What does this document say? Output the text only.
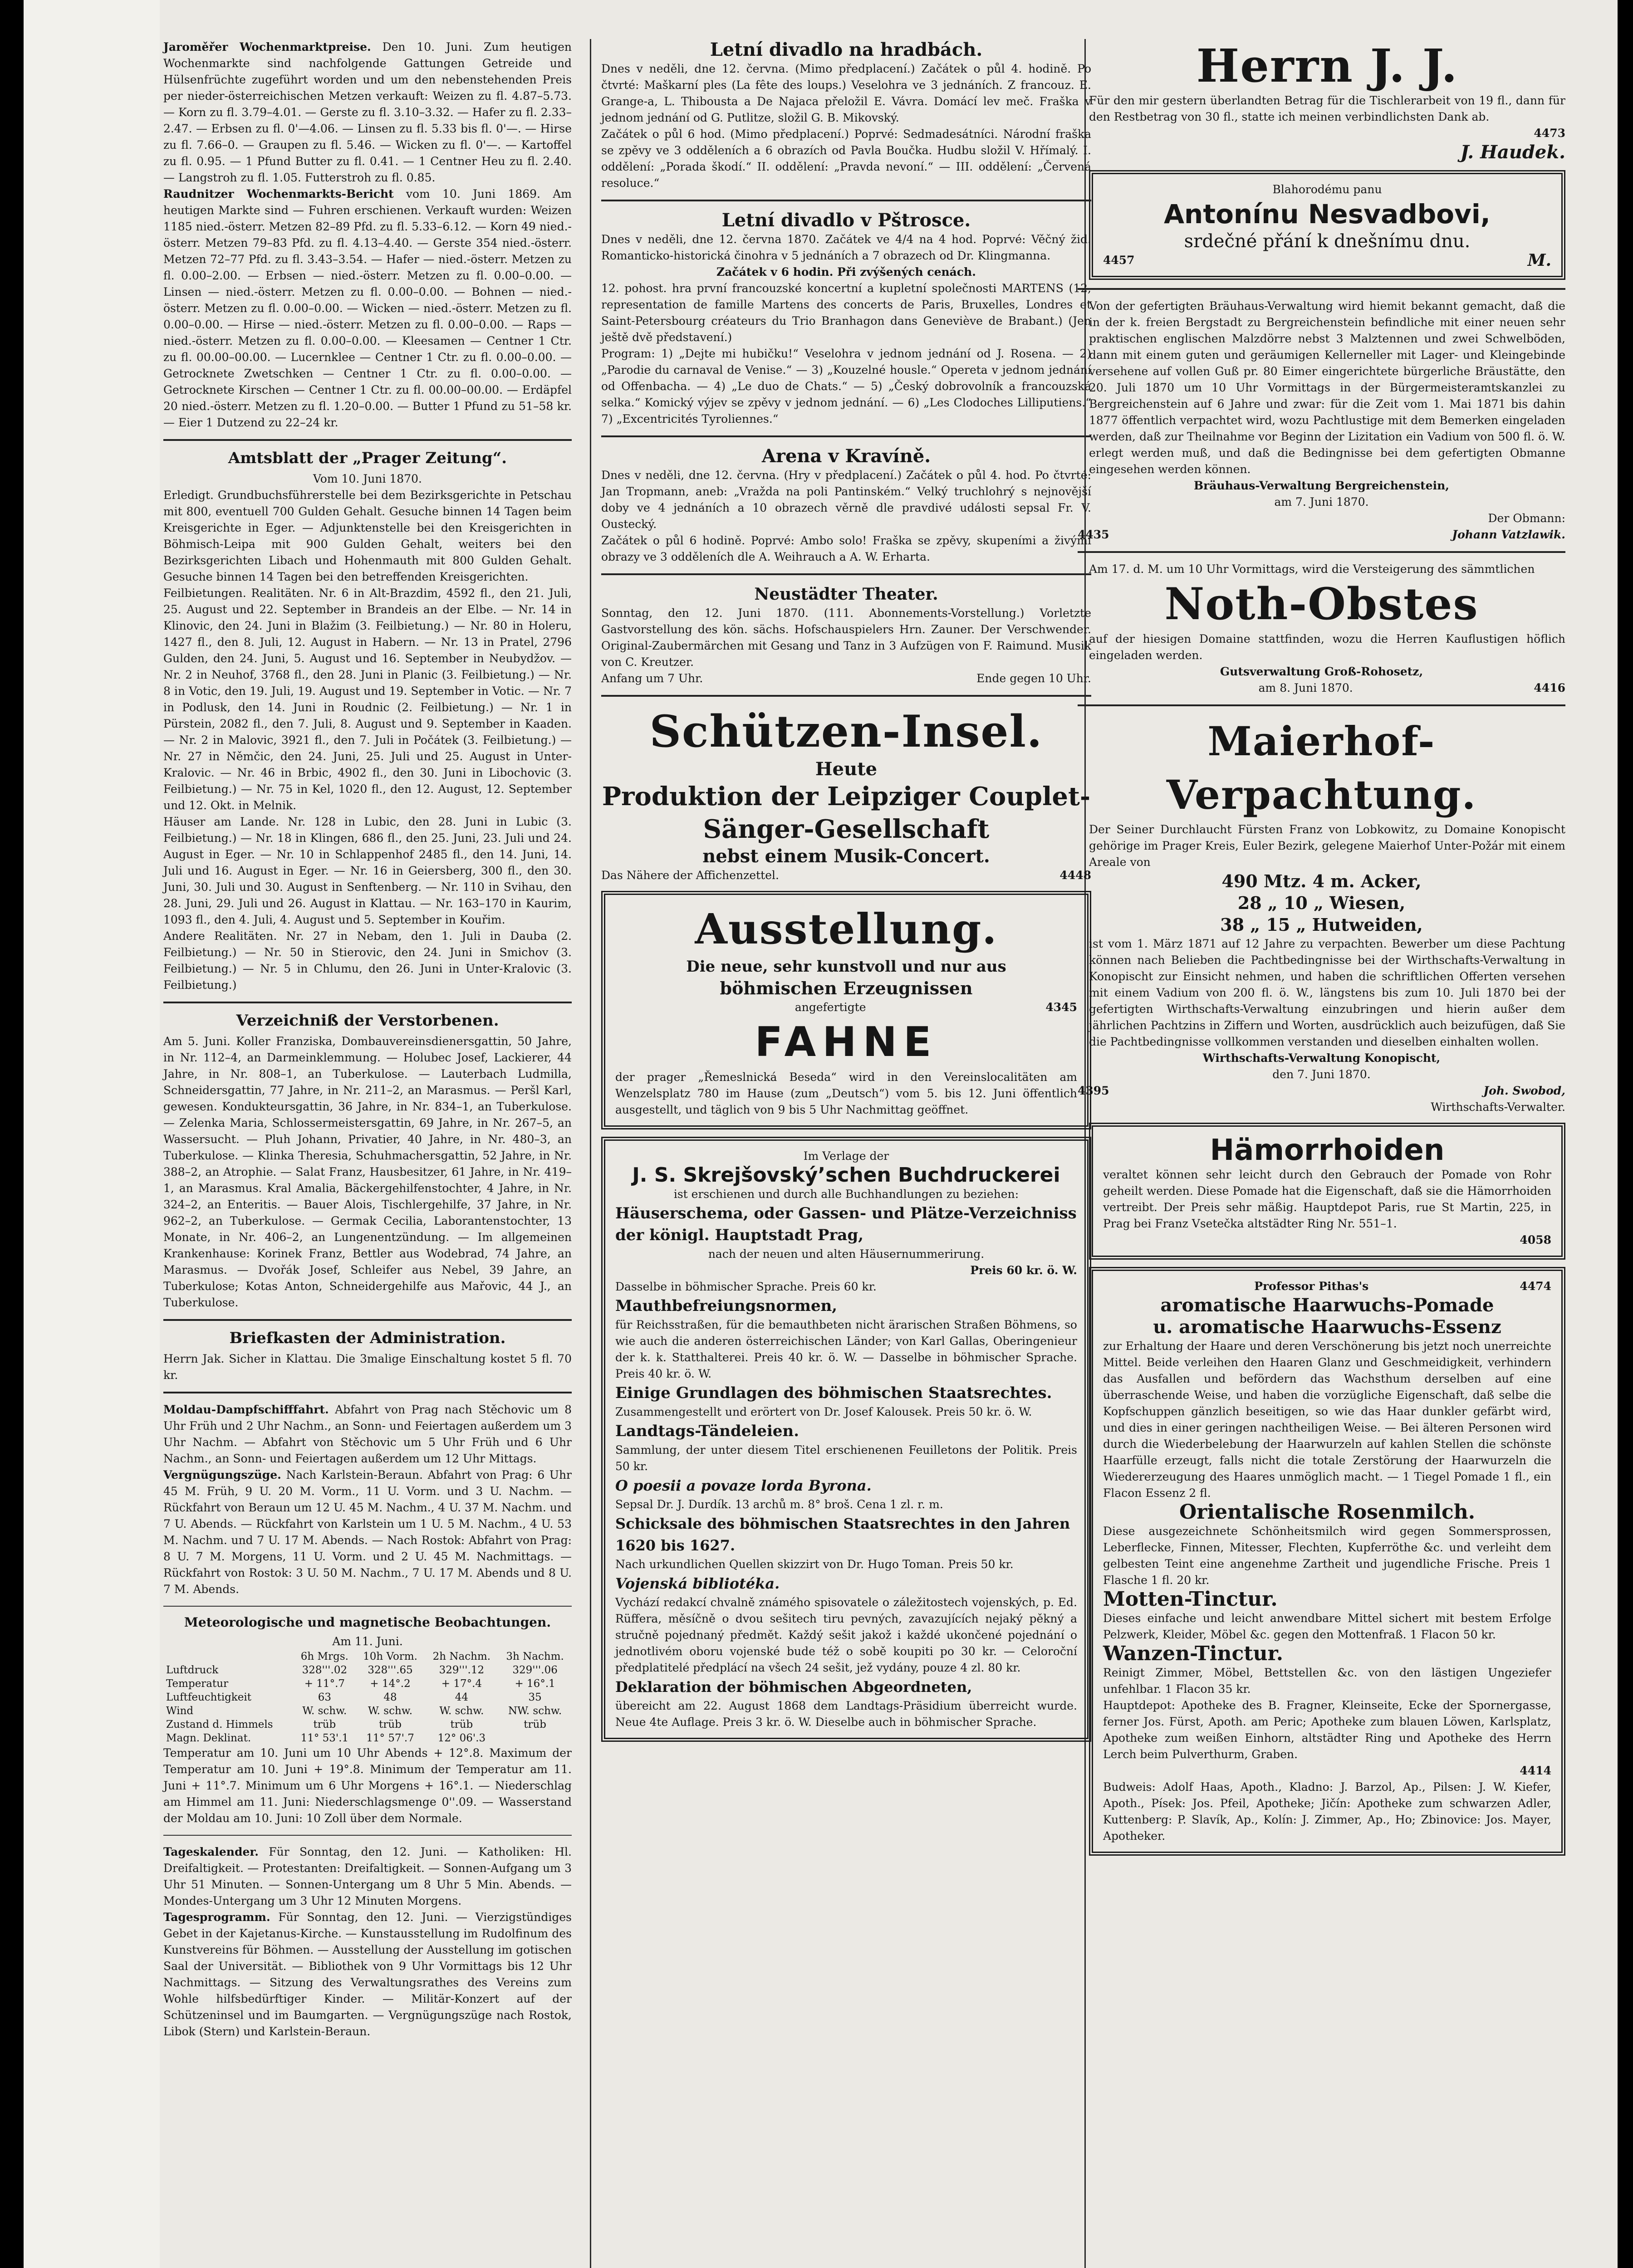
Jaroměřer Wochenmarktpreise. Den 10. Juni. Zum heutigen Wochenmarkte sind nachfolgende Gattungen Getreide und Hülsenfrüchte zugeführt worden und um den nebenstehenden Preis per nieder-österreichischen Metzen verkauft: Weizen zu fl. 4.87–5.73. — Korn zu fl. 3.79–4.01. — Gerste zu fl. 3.10–3.32. — Hafer zu fl. 2.33–2.47. — Erbsen zu fl. 0'—4.06. — Linsen zu fl. 5.33 bis fl. 0'—. — Hirse zu fl. 7.66–0. — Graupen zu fl. 5.46. — Wicken zu fl. 0'—. — Kartoffel zu fl. 0.95. — 1 Pfund Butter zu fl. 0.41. — 1 Centner Heu zu fl. 2.40. — Langstroh zu fl. 1.05. Futterstroh zu fl. 0.85.
Raudnitzer Wochenmarkts-Bericht vom 10. Juni 1869. Am heutigen Markte sind — Fuhren erschienen. Verkauft wurden: Weizen 1185 nied.-österr. Metzen 82–89 Pfd. zu fl. 5.33–6.12. — Korn 49 nied.-österr. Metzen 79–83 Pfd. zu fl. 4.13–4.40. — Gerste 354 nied.-österr. Metzen 72–77 Pfd. zu fl. 3.43–3.54. — Hafer — nied.-österr. Metzen zu fl. 0.00–2.00. — Erbsen — nied.-österr. Metzen zu fl. 0.00–0.00. — Linsen — nied.-österr. Metzen zu fl. 0.00–0.00. — Bohnen — nied.-österr. Metzen zu fl. 0.00–0.00. — Wicken — nied.-österr. Metzen zu fl. 0.00–0.00. — Hirse — nied.-österr. Metzen zu fl. 0.00–0.00. — Raps — nied.-österr. Metzen zu fl. 0.00–0.00. — Kleesamen — Centner 1 Ctr. zu fl. 00.00–00.00. — Lucernklee — Centner 1 Ctr. zu fl. 0.00–0.00. — Getrocknete Zwetschken — Centner 1 Ctr. zu fl. 0.00–0.00. — Getrocknete Kirschen — Centner 1 Ctr. zu fl. 00.00–00.00. — Erdäpfel 20 nied.-österr. Metzen zu fl. 1.20–0.00. — Butter 1 Pfund zu 51–58 kr. — Eier 1 Dutzend zu 22–24 kr.
Amtsblatt der „Prager Zeitung“.
Vom 10. Juni 1870.
Erledigt. Grundbuchsführerstelle bei dem Bezirksgerichte in Petschau mit 800, eventuell 700 Gulden Gehalt. Gesuche binnen 14 Tagen beim Kreisgerichte in Eger. — Adjunktenstelle bei den Kreisgerichten in Böhmisch-Leipa mit 900 Gulden Gehalt, weiters bei den Bezirksgerichten Libach und Hohenmauth mit 800 Gulden Gehalt. Gesuche binnen 14 Tagen bei den betreffenden Kreisgerichten.
Feilbietungen. Realitäten. Nr. 6 in Alt-Brazdim, 4592 fl., den 21. Juli, 25. August und 22. September in Brandeis an der Elbe. — Nr. 14 in Klinovic, den 24. Juni in Blažim (3. Feilbietung.) — Nr. 80 in Holeru, 1427 fl., den 8. Juli, 12. August in Habern. — Nr. 13 in Pratel, 2796 Gulden, den 24. Juni, 5. August und 16. September in Neubydžov. — Nr. 2 in Neuhof, 3768 fl., den 28. Juni in Planic (3. Feilbietung.) — Nr. 8 in Votic, den 19. Juli, 19. August und 19. September in Votic. — Nr. 7 in Podlusk, den 14. Juni in Roudnic (2. Feilbietung.) — Nr. 1 in Pürstein, 2082 fl., den 7. Juli, 8. August und 9. September in Kaaden. — Nr. 2 in Malovic, 3921 fl., den 7. Juli in Počátek (3. Feilbietung.) — Nr. 27 in Němčic, den 24. Juni, 25. Juli und 25. August in Unter-Kralovic. — Nr. 46 in Brbic, 4902 fl., den 30. Juni in Libochovic (3. Feilbietung.) — Nr. 75 in Kel, 1020 fl., den 12. August, 12. September und 12. Okt. in Melnik.
Häuser am Lande. Nr. 128 in Lubic, den 28. Juni in Lubic (3. Feilbietung.) — Nr. 18 in Klingen, 686 fl., den 25. Juni, 23. Juli und 24. August in Eger. — Nr. 10 in Schlappenhof 2485 fl., den 14. Juni, 14. Juli und 16. August in Eger. — Nr. 16 in Geiersberg, 300 fl., den 30. Juni, 30. Juli und 30. August in Senftenberg. — Nr. 110 in Svihau, den 28. Juni, 29. Juli und 26. August in Klattau. — Nr. 163–170 in Kaurim, 1093 fl., den 4. Juli, 4. August und 5. September in Kouřim.
Andere Realitäten. Nr. 27 in Nebam, den 1. Juli in Dauba (2. Feilbietung.) — Nr. 50 in Stierovic, den 24. Juni in Smichov (3. Feilbietung.) — Nr. 5 in Chlumu, den 26. Juni in Unter-Kralovic (3. Feilbietung.)
Verzeichniß der Verstorbenen.
Am 5. Juni. Koller Franziska, Dombauvereinsdienersgattin, 50 Jahre, in Nr. 112–4, an Darmeinklemmung. — Holubec Josef, Lackierer, 44 Jahre, in Nr. 808–1, an Tuberkulose. — Lauterbach Ludmilla, Schneidersgattin, 77 Jahre, in Nr. 211–2, an Marasmus. — Peršl Karl, gewesen. Kondukteursgattin, 36 Jahre, in Nr. 834–1, an Tuberkulose. — Zelenka Maria, Schlossermeistersgattin, 69 Jahre, in Nr. 267–5, an Wassersucht. — Pluh Johann, Privatier, 40 Jahre, in Nr. 480–3, an Tuberkulose. — Klinka Theresia, Schuhmachersgattin, 52 Jahre, in Nr. 388–2, an Atrophie. — Salat Franz, Hausbesitzer, 61 Jahre, in Nr. 419–1, an Marasmus. Kral Amalia, Bäckergehilfenstochter, 4 Jahre, in Nr. 324–2, an Enteritis. — Bauer Alois, Tischlergehilfe, 37 Jahre, in Nr. 962–2, an Tuberkulose. — Germak Cecilia, Laborantenstochter, 13 Monate, in Nr. 406–2, an Lungenentzündung. — Im allgemeinen Krankenhause: Korinek Franz, Bettler aus Wodebrad, 74 Jahre, an Marasmus. — Dvořák Josef, Schleifer aus Nebel, 39 Jahre, an Tuberkulose; Kotas Anton, Schneidergehilfe aus Mařovic, 44 J., an Tuberkulose.
Briefkasten der Administration.
Herrn Jak. Sicher in Klattau. Die 3malige Einschaltung kostet 5 fl. 70 kr.
Moldau-Dampfschifffahrt. Abfahrt von Prag nach Stěchovic um 8 Uhr Früh und 2 Uhr Nachm., an Sonn- und Feiertagen außerdem um 3 Uhr Nachm. — Abfahrt von Stěchovic um 5 Uhr Früh und 6 Uhr Nachm., an Sonn- und Feiertagen außerdem um 12 Uhr Mittags.
Vergnügungszüge. Nach Karlstein-Beraun. Abfahrt von Prag: 6 Uhr 45 M. Früh, 9 U. 20 M. Vorm., 11 U. Vorm. und 3 U. Nachm. — Rückfahrt von Beraun um 12 U. 45 M. Nachm., 4 U. 37 M. Nachm. und 7 U. Abends. — Rückfahrt von Karlstein um 1 U. 5 M. Nachm., 4 U. 53 M. Nachm. und 7 U. 17 M. Abends. — Nach Rostok: Abfahrt von Prag: 8 U. 7 M. Morgens, 11 U. Vorm. und 2 U. 45 M. Nachmittags. — Rückfahrt von Rostok: 3 U. 50 M. Nachm., 7 U. 17 M. Abends und 8 U. 7 M. Abends.
Meteorologische und magnetische Beobachtungen.
Am 11. Juni.
	6h Mrgs.	10h Vorm.	2h Nachm.	3h Nachm.
Luftdruck	328'''.02	328'''.65	329'''.12	329'''.06
Temperatur	+ 11°.7	+ 14°.2	+ 17°.4	+ 16°.1
Luftfeuchtigkeit	63	48	44	35
Wind	W. schw.	W. schw.	W. schw.	NW. schw.
Zustand d. Himmels	trüb	trüb	trüb	trüb
Magn. Deklinat.	11° 53'.1	11° 57'.7	12° 06'.3	
Temperatur am 10. Juni um 10 Uhr Abends + 12°.8. Maximum der Temperatur am 10. Juni + 19°.8. Minimum der Temperatur am 11. Juni + 11°.7. Minimum um 6 Uhr Morgens + 16°.1. — Niederschlag am Himmel am 11. Juni: Niederschlagsmenge 0''.09. — Wasserstand der Moldau am 10. Juni: 10 Zoll über dem Normale.
Tageskalender. Für Sonntag, den 12. Juni. — Katholiken: Hl. Dreifaltigkeit. — Protestanten: Dreifaltigkeit. — Sonnen-Aufgang um 3 Uhr 51 Minuten. — Sonnen-Untergang um 8 Uhr 5 Min. Abends. — Mondes-Untergang um 3 Uhr 12 Minuten Morgens.
Tagesprogramm. Für Sonntag, den 12. Juni. — Vierzigstündiges Gebet in der Kajetanus-Kirche. — Kunstausstellung im Rudolfinum des Kunstvereins für Böhmen. — Ausstellung der Ausstellung im gotischen Saal der Universität. — Bibliothek von 9 Uhr Vormittags bis 12 Uhr Nachmittags. — Sitzung des Verwaltungsrathes des Vereins zum Wohle hilfsbedürftiger Kinder. — Militär-Konzert auf der Schützeninsel und im Baumgarten. — Vergnügungszüge nach Rostok, Libok (Stern) und Karlstein-Beraun.
Letní divadlo na hradbách.
Dnes v neděli, dne 12. června. (Mimo předplacení.) Začátek o půl 4. hodině. Po čtvrté: Maškarní ples (La fête des loups.) Veselohra ve 3 jednáních. Z francouz. E. Grange-a, L. Thibousta a De Najaca přeložil E. Vávra. Domácí lev meč. Fraška v jednom jednání od G. Putlitze, složil G. B. Mikovský.
Začátek o půl 6 hod. (Mimo předplacení.) Poprvé: Sedmadesátníci. Národní fraška se zpěvy ve 3 odděleních a 6 obrazích od Pavla Boučka. Hudbu složil V. Hřímalý. I. oddělení: „Porada škodí.“ II. oddělení: „Pravda nevoní.“ — III. oddělení: „Červená resoluce.“
Letní divadlo v Pštrosce.
Dnes v neděli, dne 12. června 1870. Začátek ve 4/4 na 4 hod. Poprvé: Věčný žid. Romanticko-historická činohra v 5 jednáních a 7 obrazech od Dr. Klingmanna.
Začátek v 6 hodin. Při zvýšených cenách.
12. pohost. hra první francouzské koncertní a kupletní společnosti MARTENS (12, representation de famille Martens des concerts de Paris, Bruxelles, Londres et Saint-Petersbourg créateurs du Trio Branhagon dans Geneviève de Brabant.) (Jen ještě dvě představení.)
Program: 1) „Dejte mi hubičku!“ Veselohra v jednom jednání od J. Rosena. — 2) „Parodie du carnaval de Venise.“ — 3) „Kouzelné housle.“ Opereta v jednom jednání od Offenbacha. — 4) „Le duo de Chats.“ — 5) „Český dobrovolník a francouzská selka.“ Komický výjev se zpěvy v jednom jednání. — 6) „Les Clodoches Lilliputiens.“ 7) „Excentricités Tyroliennes.“
Arena v Kravíně.
Dnes v neděli, dne 12. června. (Hry v předplacení.) Začátek o půl 4. hod. Po čtvrté: Jan Tropmann, aneb: „Vražda na poli Pantinském.“ Velký truchlohrý s nejnovější doby ve 4 jednáních a 10 obrazech věrně dle pravdivé události sepsal Fr. V. Oustecký.
Začátek o půl 6 hodině. Poprvé: Ambo solo! Fraška se zpěvy, skupeními a živými obrazy ve 3 odděleních dle A. Weihrauch a A. W. Erharta.
Neustädter Theater.
Sonntag, den 12. Juni 1870. (111. Abonnements-Vorstellung.) Vorletzte Gastvorstellung des kön. sächs. Hofschauspielers Hrn. Zauner. Der Verschwender. Original-Zaubermärchen mit Gesang und Tanz in 3 Aufzügen von F. Raimund. Musik von C. Kreutzer.
Anfang um 7 Uhr.	Ende gegen 10 Uhr.
Schützen-Insel.
Heute
Produktion der Leipziger Couplet-
Sänger-Gesellschaft
nebst einem Musik-Concert.
Das Nähere der Affichenzettel.	4448
Ausstellung.
Die neue, sehr kunstvoll und nur aus
böhmischen Erzeugnissen
angefertigte	4345
FAHNE
der prager „Řemeslnická Beseda“ wird in den Vereinslocalitäten am Wenzelsplatz 780 im Hause (zum „Deutsch“) vom 5. bis 12. Juni öffentlich ausgestellt, und täglich von 9 bis 5 Uhr Nachmittag geöffnet.
Im Verlage der
J. S. Skrejšovský’schen Buchdruckerei
ist erschienen und durch alle Buchhandlungen zu beziehen:
Häuserschema, oder Gassen- und Plätze-Verzeichniss der königl. Hauptstadt Prag,
nach der neuen und alten Häusernummerirung.
Preis 60 kr. ö. W.
Dasselbe in böhmischer Sprache. Preis 60 kr.
Mauthbefreiungsnormen,
für Reichsstraßen, für die bemauthbeten nicht ärarischen Straßen Böhmens, so wie auch die anderen österreichischen Länder; von Karl Gallas, Oberingenieur der k. k. Statthalterei. Preis 40 kr. ö. W. — Dasselbe in böhmischer Sprache. Preis 40 kr. ö. W.
Einige Grundlagen des böhmischen Staatsrechtes.
Zusammengestellt und erörtert von Dr. Josef Kalousek. Preis 50 kr. ö. W.
Landtags-Tändeleien.
Sammlung, der unter diesem Titel erschienenen Feuilletons der Politik. Preis 50 kr.
O poesii a povaze lorda Byrona.
Sepsal Dr. J. Durdík. 13 archů m. 8° broš. Cena 1 zl. r. m.
Schicksale des böhmischen Staatsrechtes in den Jahren 1620 bis 1627.
Nach urkundlichen Quellen skizzirt von Dr. Hugo Toman. Preis 50 kr.
Vojenská bibliotéka.
Vychází redakcí chvalně známého spisovatele o záležitostech vojenských, p. Ed. Rüffera, měsíčně o dvou sešitech tiru pevných, zavazujících nejaký pěkný a stručně pojednaný předmět. Každý sešit jakož i každé ukončené pojednání o jednotlivém oboru vojenské bude též o sobě koupiti po 30 kr. — Celoroční předplatitelé předplácí na všech 24 sešit, jež vydány, pouze 4 zl. 80 kr.
Deklaration der böhmischen Abgeordneten,
übereicht am 22. August 1868 dem Landtags-Präsidium überreicht wurde. Neue 4te Auflage. Preis 3 kr. ö. W. Dieselbe auch in böhmischer Sprache.
Herrn J. J.
Für den mir gestern überlandten Betrag für die Tischlerarbeit von 19 fl., dann für den Restbetrag von 30 fl., statte ich meinen verbindlichsten Dank ab.
4473
J. Haudek.
Blahorodému panu
Antonínu Nesvadbovi,
srdečné přání k dnešnímu dnu.
4457	M.
Von der gefertigten Bräuhaus-Verwaltung wird hiemit bekannt gemacht, daß die in der k. freien Bergstadt zu Bergreichenstein befindliche mit einer neuen sehr praktischen englischen Malzdörre nebst 3 Malztennen und zwei Schwelböden, dann mit einem guten und geräumigen Kellerneller mit Lager- und Kleingebinde versehene auf vollen Guß pr. 80 Eimer eingerichtete bürgerliche Bräustätte, den 20. Juli 1870 um 10 Uhr Vormittags in der Bürgermeisteramtskanzlei zu Bergreichenstein auf 6 Jahre und zwar: für die Zeit vom 1. Mai 1871 bis dahin 1877 öffentlich verpachtet wird, wozu Pachtlustige mit dem Bemerken eingeladen werden, daß zur Theilnahme vor Beginn der Lizitation ein Vadium von 500 fl. ö. W. erlegt werden muß, und daß die Bedingnisse bei dem gefertigten Obmanne eingesehen werden können.
Bräuhaus-Verwaltung Bergreichenstein,
am 7. Juni 1870.
Der Obmann:
4435	Johann Vatzlawik.
Am 17. d. M. um 10 Uhr Vormittags, wird die Versteigerung des sämmtlichen
Noth-Obstes
auf der hiesigen Domaine stattfinden, wozu die Herren Kauflustigen höflich eingeladen werden.
Gutsverwaltung Groß-Rohosetz,
am 8. Juni 1870.	4416
Maierhof-Verpachtung.
Der Seiner Durchlaucht Fürsten Franz von Lobkowitz, zu Domaine Konopischt gehörige im Prager Kreis, Euler Bezirk, gelegene Maierhof Unter-Požár mit einem Areale von
490 Mtz. 4 m. Acker,
28 „ 10 „ Wiesen,
38 „ 15 „ Hutweiden,
ist vom 1. März 1871 auf 12 Jahre zu verpachten. Bewerber um diese Pachtung können nach Belieben die Pachtbedingnisse bei der Wirthschafts-Verwaltung in Konopischt zur Einsicht nehmen, und haben die schriftlichen Offerten versehen mit einem Vadium von 200 fl. ö. W., längstens bis zum 10. Juli 1870 bei der gefertigten Wirthschafts-Verwaltung einzubringen und hierin außer dem jährlichen Pachtzins in Ziffern und Worten, ausdrücklich auch beizufügen, daß Sie die Pachtbedingnisse vollkommen verstanden und dieselben einhalten wollen.
Wirthschafts-Verwaltung Konopischt,
den 7. Juni 1870.
4395	Joh. Swobod,
Wirthschafts-Verwalter.
Hämorrhoiden
veraltet können sehr leicht durch den Gebrauch der Pomade von Rohr geheilt werden. Diese Pomade hat die Eigenschaft, daß sie die Hämorrhoiden vertreibt. Der Preis sehr mäßig. Hauptdepot Paris, rue St Martin, 225, in Prag bei Franz Vsetečka altstädter Ring Nr. 551–1.
4058
Professor Pithas's	4474
aromatische Haarwuchs-Pomade
u. aromatische Haarwuchs-Essenz
zur Erhaltung der Haare und deren Verschönerung bis jetzt noch unerreichte Mittel. Beide verleihen den Haaren Glanz und Geschmeidigkeit, verhindern das Ausfallen und befördern das Wachsthum derselben auf eine überraschende Weise, und haben die vorzügliche Eigenschaft, daß selbe die Kopfschuppen gänzlich beseitigen, so wie das Haar dunkler gefärbt wird, und dies in einer geringen nachtheiligen Weise. — Bei älteren Personen wird durch die Wiederbelebung der Haarwurzeln auf kahlen Stellen die schönste Haarfülle erzeugt, falls nicht die totale Zerstörung der Haarwurzeln die Wiedererzeugung des Haares unmöglich macht. — 1 Tiegel Pomade 1 fl., ein Flacon Essenz 2 fl.
Orientalische Rosenmilch.
Diese ausgezeichnete Schönheitsmilch wird gegen Sommersprossen, Leberflecke, Finnen, Mitesser, Flechten, Kupferröthe &c. und verleiht dem gelbesten Teint eine angenehme Zartheit und jugendliche Frische. Preis 1 Flasche 1 fl. 20 kr.
Motten-Tinctur.
Dieses einfache und leicht anwendbare Mittel sichert mit bestem Erfolge Pelzwerk, Kleider, Möbel &c. gegen den Mottenfraß. 1 Flacon 50 kr.
Wanzen-Tinctur.
Reinigt Zimmer, Möbel, Bettstellen &c. von den lästigen Ungeziefer unfehlbar. 1 Flacon 35 kr.
Hauptdepot: Apotheke des B. Fragner, Kleinseite, Ecke der Spornergasse, ferner Jos. Fürst, Apoth. am Peric; Apotheke zum blauen Löwen, Karlsplatz, Apotheke zum weißen Einhorn, altstädter Ring und Apotheke des Herrn Lerch beim Pulverthurm, Graben.
4414
Budweis: Adolf Haas, Apoth., Kladno: J. Barzol, Ap., Pilsen: J. W. Kiefer, Apoth., Písek: Jos. Pfeil, Apotheke; Jičín: Apotheke zum schwarzen Adler, Kuttenberg: P. Slavík, Ap., Kolín: J. Zimmer, Ap., Ho; Zbinovice: Jos. Mayer, Apotheker.
